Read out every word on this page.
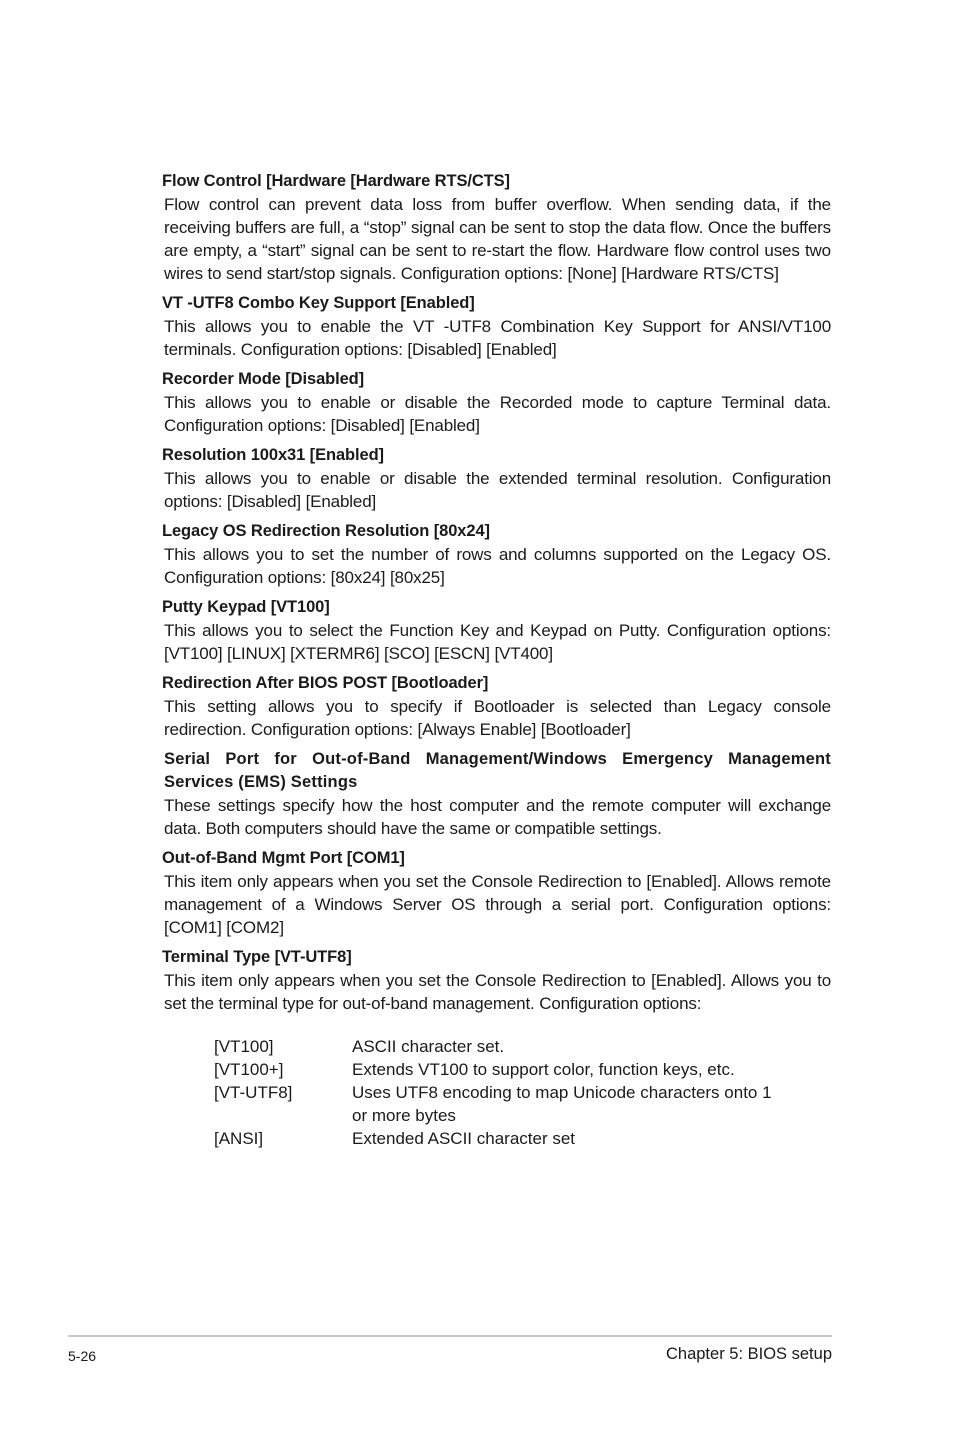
Flow Control [Hardware [Hardware RTS/CTS]

Flow control can prevent data loss from buffer overflow. When sending data, if the receiving buffers are full, a “stop” signal can be sent to stop the data flow. Once the buffers are empty, a “start” signal can be sent to re-start the flow. Hardware flow control uses two wires to send start/stop signals. Configuration options: [None] [Hardware RTS/CTS]

VT -UTF8 Combo Key Support [Enabled]

This allows you to enable the VT -UTF8 Combination Key Support for ANSI/VT100 terminals. Configuration options: [Disabled] [Enabled]

Recorder Mode [Disabled]

This allows you to enable or disable the Recorded mode to capture Terminal data. Configuration options: [Disabled] [Enabled]

Resolution 100x31 [Enabled]

This allows you to enable or disable the extended terminal resolution. Configuration options: [Disabled] [Enabled]

Legacy OS Redirection Resolution [80x24]

This allows you to set the number of rows and columns supported on the Legacy OS. Configuration options: [80x24] [80x25]

Putty Keypad [VT100]

This allows you to select the Function Key and Keypad on Putty. Configuration options: [VT100] [LINUX] [XTERMR6] [SCO] [ESCN] [VT400]

Redirection After BIOS POST [Bootloader]

This setting allows you to specify if Bootloader is selected than Legacy console redirection. Configuration options: [Always Enable] [Bootloader]

Serial Port for Out-of-Band Management/Windows Emergency Management Services (EMS) Settings

These settings specify how the host computer and the remote computer will exchange data. Both computers should have the same or compatible settings.

Out-of-Band Mgmt Port [COM1]

This item only appears when you set the Console Redirection to [Enabled]. Allows remote management of a Windows Server OS through a serial port. Configuration options: [COM1] [COM2]

Terminal Type [VT-UTF8]

This item only appears when you set the Console Redirection to [Enabled]. Allows you to set the terminal type for out-of-band management. Configuration options:

[VT100]	ASCII character set.
[VT100+]	Extends VT100 to support color, function keys, etc.
[VT-UTF8]	Uses UTF8 encoding to map Unicode characters onto 1 or more bytes
[ANSI]	Extended ASCII character set
5-26	Chapter 5: BIOS setup
